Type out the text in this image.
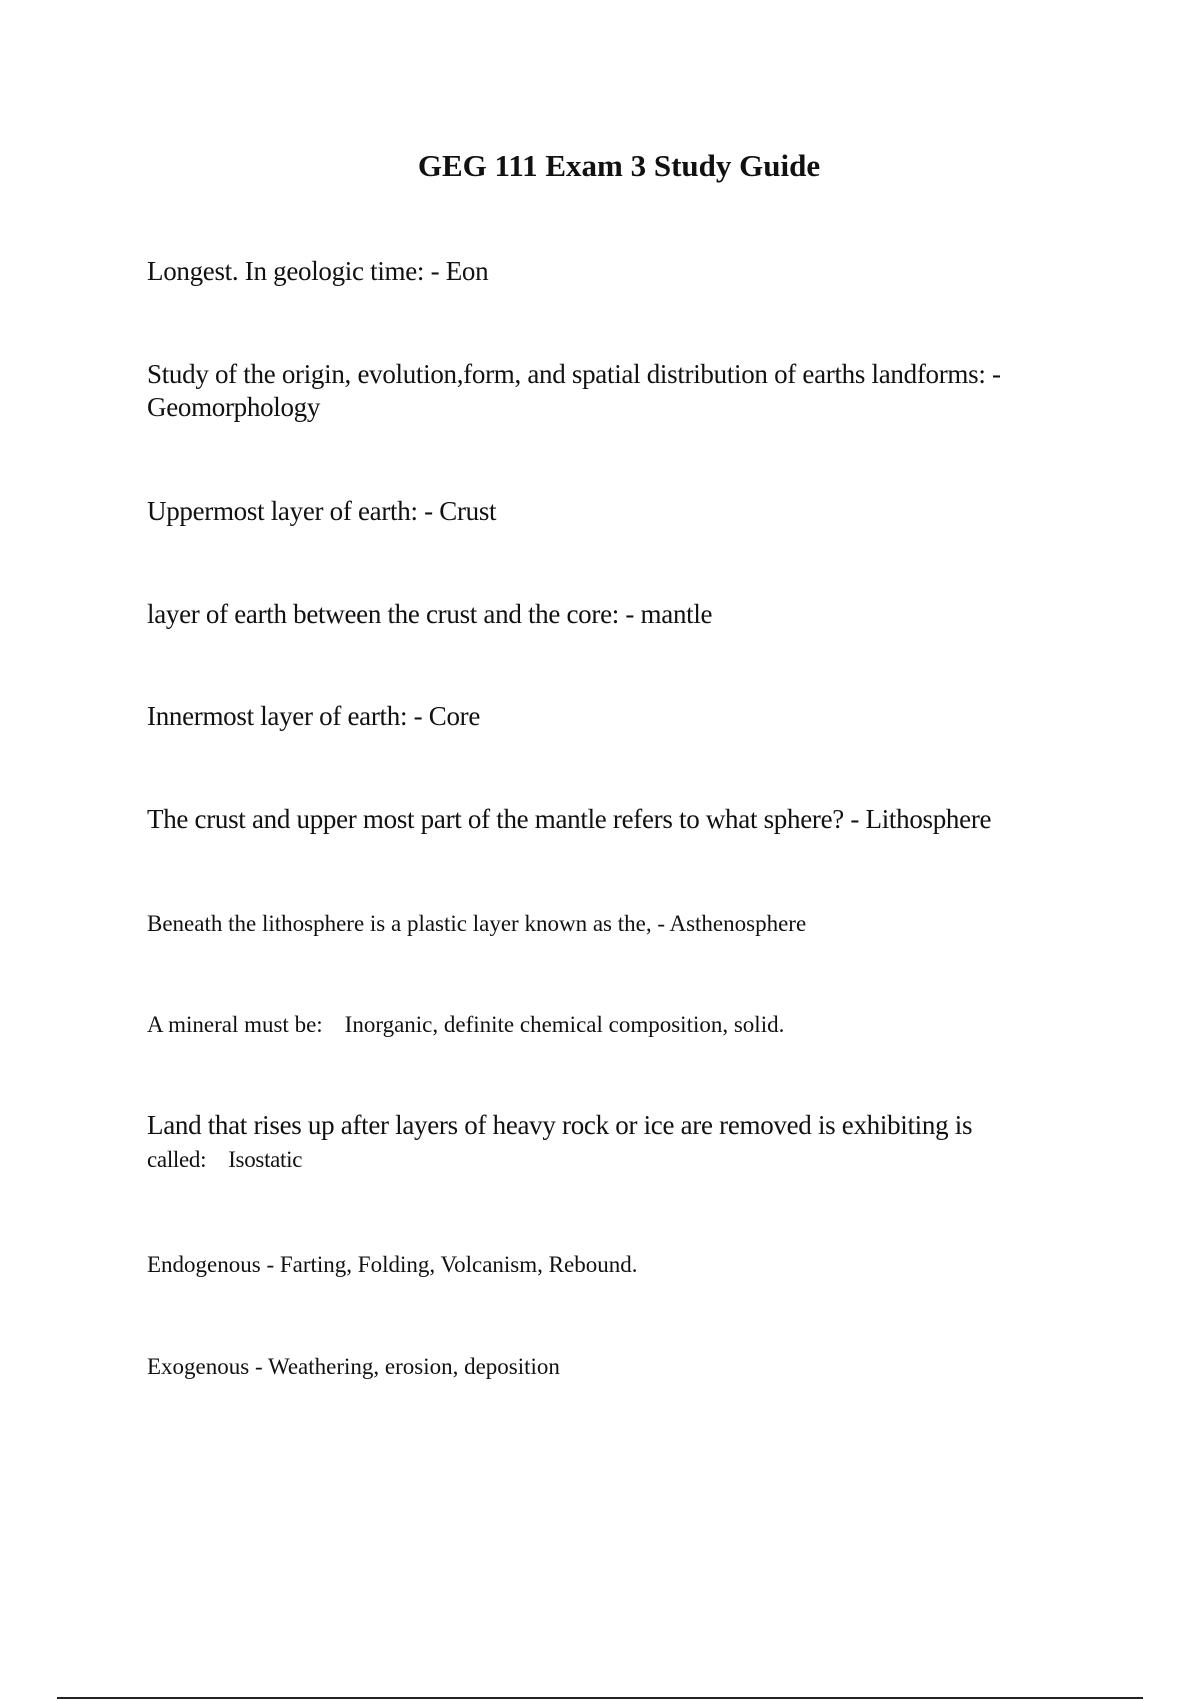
GEG 111 Exam 3 Study Guide

Longest. In geologic time: - Eon

Study of the origin, evolution,form, and spatial distribution of earths landforms: -
Geomorphology

Uppermost layer of earth: - Crust

layer of earth between the crust and the core: - mantle

Innermost layer of earth: - Core

The crust and upper most part of the mantle refers to what sphere? - Lithosphere

Beneath the lithosphere is a plastic layer known as the, - Asthenosphere

A mineral must be: Inorganic, definite chemical composition, solid.

Land that rises up after layers of heavy rock or ice are removed is exhibiting is
called: Isostatic

Endogenous - Farting, Folding, Volcanism, Rebound.

Exogenous - Weathering, erosion, deposition
